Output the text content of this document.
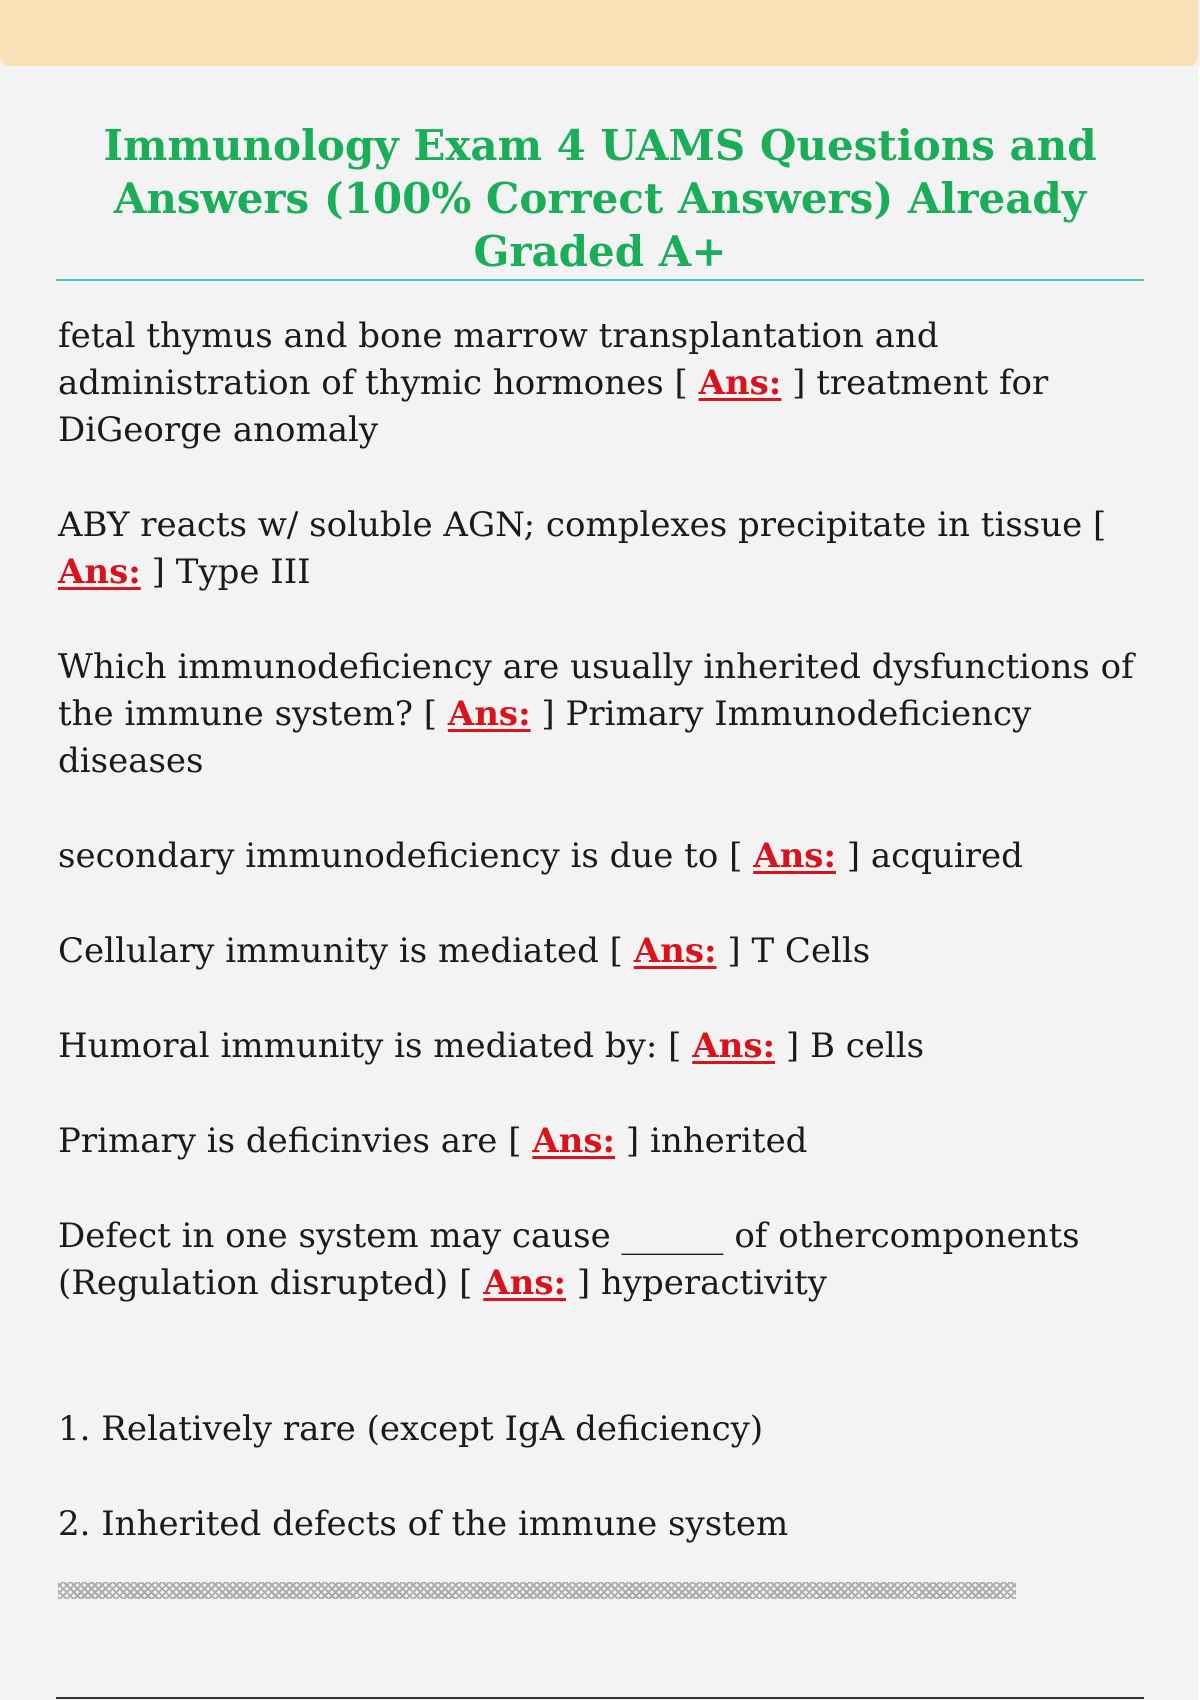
Immunology Exam 4 UAMS Questions and Answers (100% Correct Answers) Already Graded A+
fetal thymus and bone marrow transplantation and administration of thymic hormones [ Ans: ] treatment for DiGeorge anomaly
ABY reacts w/ soluble AGN; complexes precipitate in tissue [ Ans: ] Type III
Which immunodeficiency are usually inherited dysfunctions of the immune system? [ Ans: ] Primary Immunodeficiency diseases
secondary immunodeficiency is due to [ Ans: ] acquired
Cellulary immunity is mediated [ Ans: ] T Cells
Humoral immunity is mediated by: [ Ans: ] B cells
Primary is deficinvies are [ Ans: ] inherited
Defect in one system may cause ______ of othercomponents (Regulation disrupted) [ Ans: ] hyperactivity
1. Relatively rare (except IgA deficiency)
2. Inherited defects of the immune system
